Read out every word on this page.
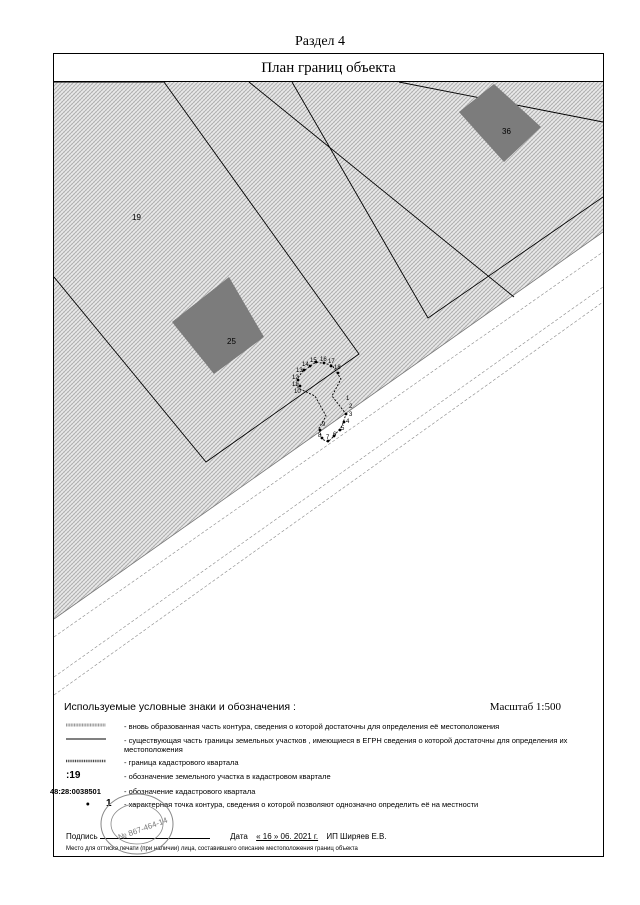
Раздел 4
План границ объекта
19
25
36
1
2
3
4
5
6
7
8
9
10
11
12
13
14
15 16 17
18
Используемые условные знаки и обозначения :	Масштаб 1:500
- вновь образованная часть контура, сведения о которой достаточны для определения её местоположения
- существующая часть границы земельных участков , имеющиеся в ЕГРН сведения о которой достаточны для определения их местоположения
- граница кадастрового квартала
:19	- обозначение земельного участка в кадастровом квартале
48:28:0038501	- обозначение кадастрового квартала
1	- характерная точка контура, сведения о которой позволяют однозначно определить её на местности
Подпись	Дата « 16 » 06. 2021 г. ИП Ширяев Е.В.
Место для оттиска печати (при наличии) лица, составившего описание местоположения границ объекта
№ 867-464-14
